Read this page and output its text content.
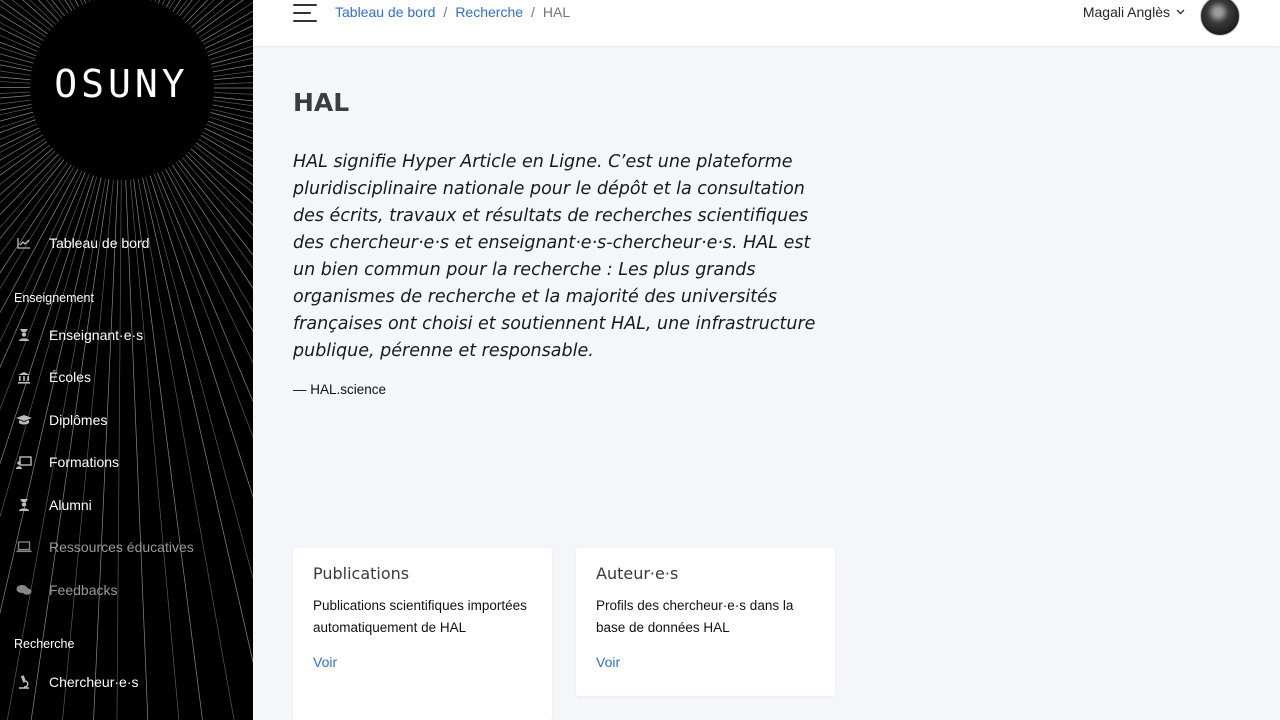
OSUNY
Tableau de bord
Enseignement
Enseignant·e·s
Écoles
Diplômes
Formations
Alumni
Ressources éducatives
Feedbacks
Recherche
Chercheur·e·s
Tableau de bord / Recherche / HAL	Magali Anglès
HAL
HAL signifie Hyper Article en Ligne. C’est une plateforme pluridisciplinaire nationale pour le dépôt et la consultation des écrits, travaux et résultats de recherches scientifiques des chercheur·e·s et enseignant·e·s-chercheur·e·s. HAL est un bien commun pour la recherche : Les plus grands organismes de recherche et la majorité des universités françaises ont choisi et soutiennent HAL, une infrastructure publique, pérenne et responsable.
— HAL.science
Publications

Publications scientifiques importées automatiquement de HAL

Voir
Auteur·e·s

Profils des chercheur·e·s dans la base de données HAL

Voir
